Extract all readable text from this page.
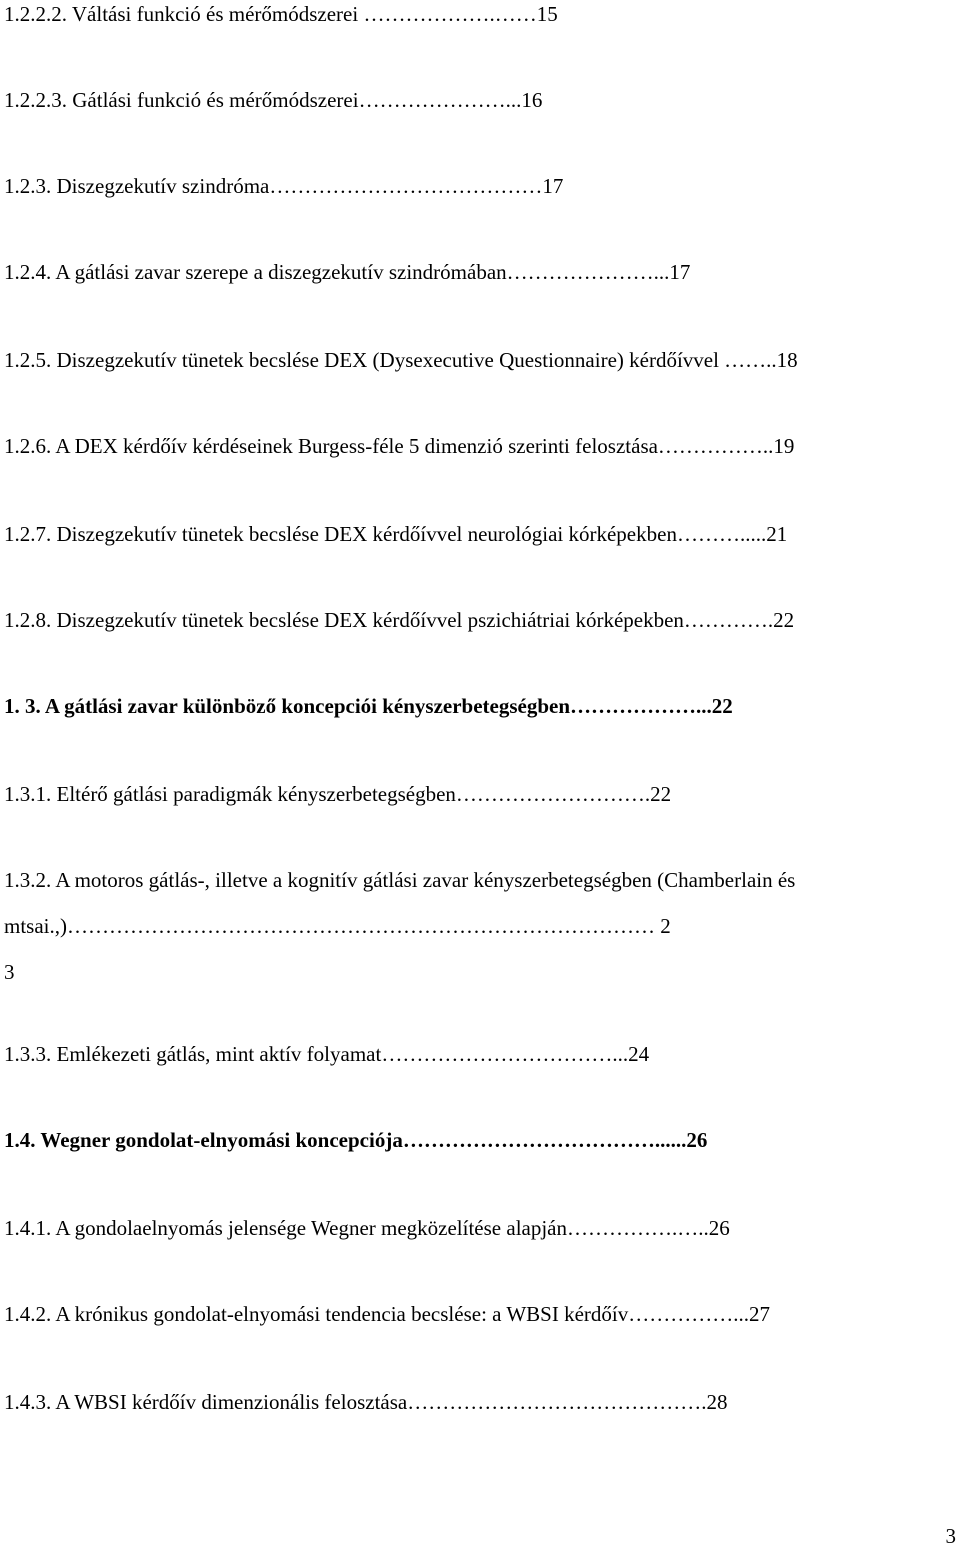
1.2.2.2. Váltási funkció és mérőmódszerei ……………….……15
1.2.2.3. Gátlási funkció és mérőmódszerei…………………...16
1.2.3. Diszegzekutív szindróma…………………………………17
1.2.4. A gátlási zavar szerepe a diszegzekutív szindrómában…………………...17
1.2.5. Diszegzekutív tünetek becslése DEX (Dysexecutive Questionnaire) kérdőívvel ……..18
1.2.6. A DEX kérdőív kérdéseinek Burgess-féle 5 dimenzió szerinti felosztása……………..19
1.2.7. Diszegzekutív tünetek becslése DEX kérdőívvel neurológiai kórképekben……….....21
1.2.8. Diszegzekutív tünetek becslése DEX kérdőívvel pszichiátriai kórképekben………….22
1. 3. A gátlási zavar különböző koncepciói kényszerbetegségben………………...22
1.3.1. Eltérő gátlási paradigmák kényszerbetegségben……………………….22
1.3.2. A motoros gátlás-, illetve a kognitív gátlási zavar kényszerbetegségben (Chamberlain és
mtsai.,)………………………………………………………………………… 2
3
1.3.3. Emlékezeti gátlás, mint aktív folyamat……………………………...24
1.4. Wegner gondolat-elnyomási koncepciója………………………………......26
1.4.1. A gondolaelnyomás jelensége Wegner megközelítése alapján…………….…..26
1.4.2. A krónikus gondolat-elnyomási tendencia becslése: a WBSI kérdőív……………...27
1.4.3. A WBSI kérdőív dimenzionális felosztása…………………………………….28
3
